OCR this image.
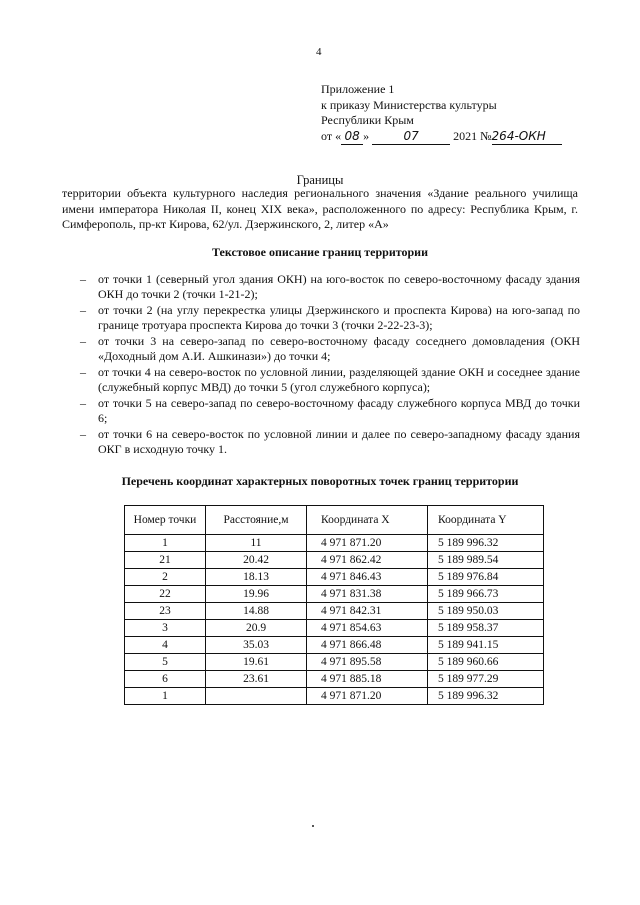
4
Приложение 1
к приказу Министерства культуры
Республики Крым
от « 08 »	07	2021 №264-ОКН
Границы
территории объекта культурного наследия регионального значения «Здание реального училища имени императора Николая II, конец XIX века», расположенного по адресу: Республика Крым, г. Симферополь, пр-кт Кирова, 62/ул. Дзержинского, 2, литер «А»
Текстовое описание границ территории
– от точки 1 (северный угол здания ОКН) на юго-восток по северо-восточному фасаду здания ОКН до точки 2 (точки 1-21-2);
– от точки 2 (на углу перекрестка улицы Дзержинского и проспекта Кирова) на юго-запад по границе тротуара проспекта Кирова до точки 3 (точки 2-22-23-3);
– от точки 3 на северо-запад по северо-восточному фасаду соседнего домовладения (ОКН «Доходный дом А.И. Ашкинази») до точки 4;
– от точки 4 на северо-восток по условной линии, разделяющей здание ОКН и соседнее здание (служебный корпус МВД) до точки 5 (угол служебного корпуса);
– от точки 5 на северо-запад по северо-восточному фасаду служебного корпуса МВД до точки 6;
– от точки 6 на северо-восток по условной линии и далее по северо-западному фасаду здания ОКГ в исходную точку 1.
Перечень координат характерных поворотных точек границ территории
Номер точки	Расстояние,м	Координата X	Координата Y
1	11	4 971 871.20	5 189 996.32
21	20.42	4 971 862.42	5 189 989.54
2	18.13	4 971 846.43	5 189 976.84
22	19.96	4 971 831.38	5 189 966.73
23	14.88	4 971 842.31	5 189 950.03
3	20.9	4 971 854.63	5 189 958.37
4	35.03	4 971 866.48	5 189 941.15
5	19.61	4 971 895.58	5 189 960.66
6	23.61	4 971 885.18	5 189 977.29
1		4 971 871.20	5 189 996.32
